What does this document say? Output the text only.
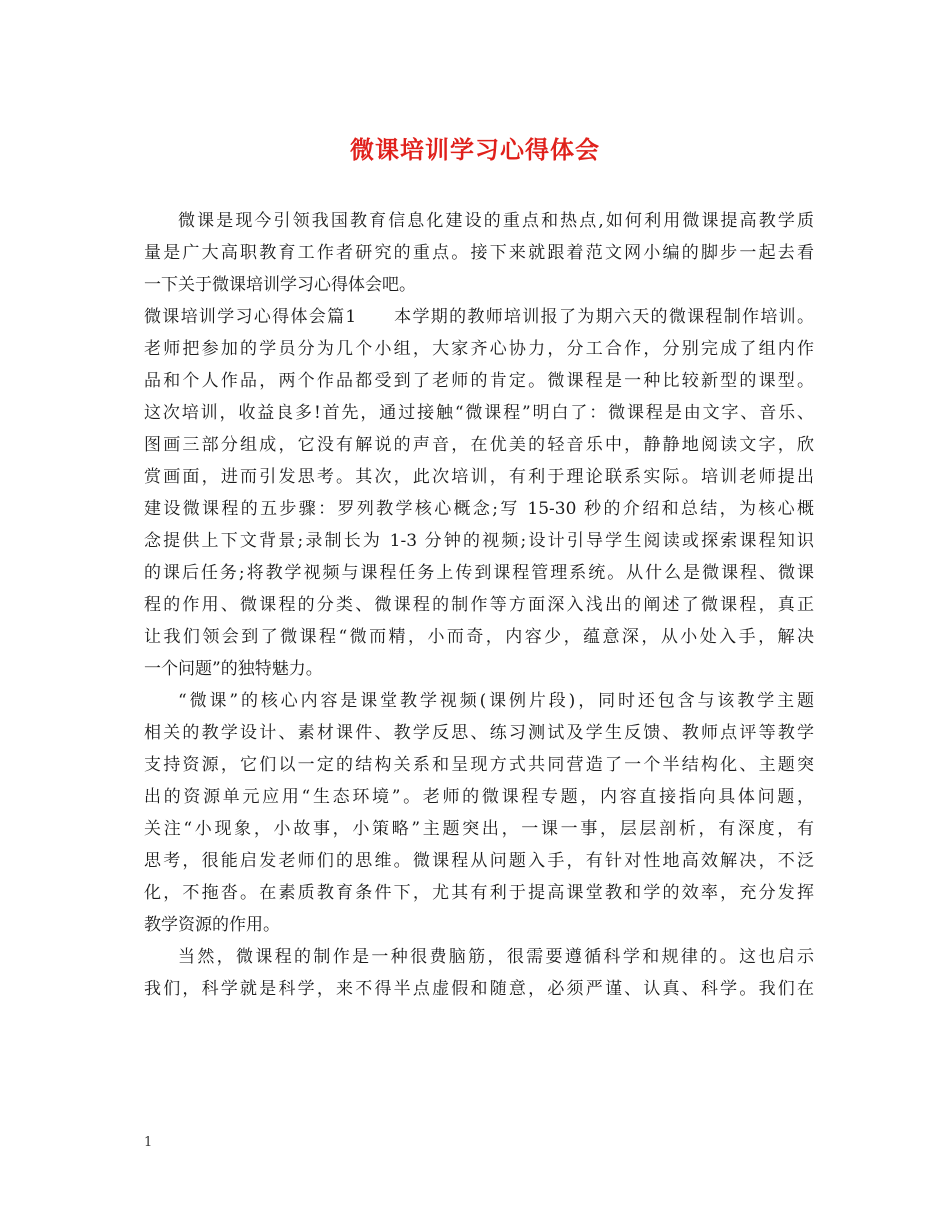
微课培训学习心得体会
微课是现今引领我国教育信息化建设的重点和热点,如何利用微课提高教学质
量是广大高职教育工作者研究的重点。接下来就跟着范文网小编的脚步一起去看
一下关于微课培训学习心得体会吧。
微课培训学习心得体会篇1　　本学期的教师培训报了为期六天的微课程制作培训。
老师把参加的学员分为几个小组，大家齐心协力，分工合作，分别完成了组内作
品和个人作品，两个作品都受到了老师的肯定。微课程是一种比较新型的课型。
这次培训，收益良多!首先，通过接触“微课程”明白了：微课程是由文字、音乐、
图画三部分组成，它没有解说的声音，在优美的轻音乐中，静静地阅读文字，欣
赏画面，进而引发思考。其次，此次培训，有利于理论联系实际。培训老师提出
建设微课程的五步骤：罗列教学核心概念;写 15-30 秒的介绍和总结，为核心概
念提供上下文背景;录制长为 1-3 分钟的视频;设计引导学生阅读或探索课程知识
的课后任务;将教学视频与课程任务上传到课程管理系统。从什么是微课程、微课
程的作用、微课程的分类、微课程的制作等方面深入浅出的阐述了微课程，真正
让我们领会到了微课程“微而精，小而奇，内容少，蕴意深，从小处入手，解决
一个问题”的独特魅力。
“微课”的核心内容是课堂教学视频(课例片段)，同时还包含与该教学主题
相关的教学设计、素材课件、教学反思、练习测试及学生反馈、教师点评等教学
支持资源，它们以一定的结构关系和呈现方式共同营造了一个半结构化、主题突
出的资源单元应用“生态环境”。老师的微课程专题，内容直接指向具体问题，
关注“小现象，小故事，小策略”主题突出，一课一事，层层剖析，有深度，有
思考，很能启发老师们的思维。微课程从问题入手，有针对性地高效解决，不泛
化，不拖沓。在素质教育条件下，尤其有利于提高课堂教和学的效率，充分发挥
教学资源的作用。
当然，微课程的制作是一种很费脑筋，很需要遵循科学和规律的。这也启示
我们，科学就是科学，来不得半点虚假和随意，必须严谨、认真、科学。我们在
1
